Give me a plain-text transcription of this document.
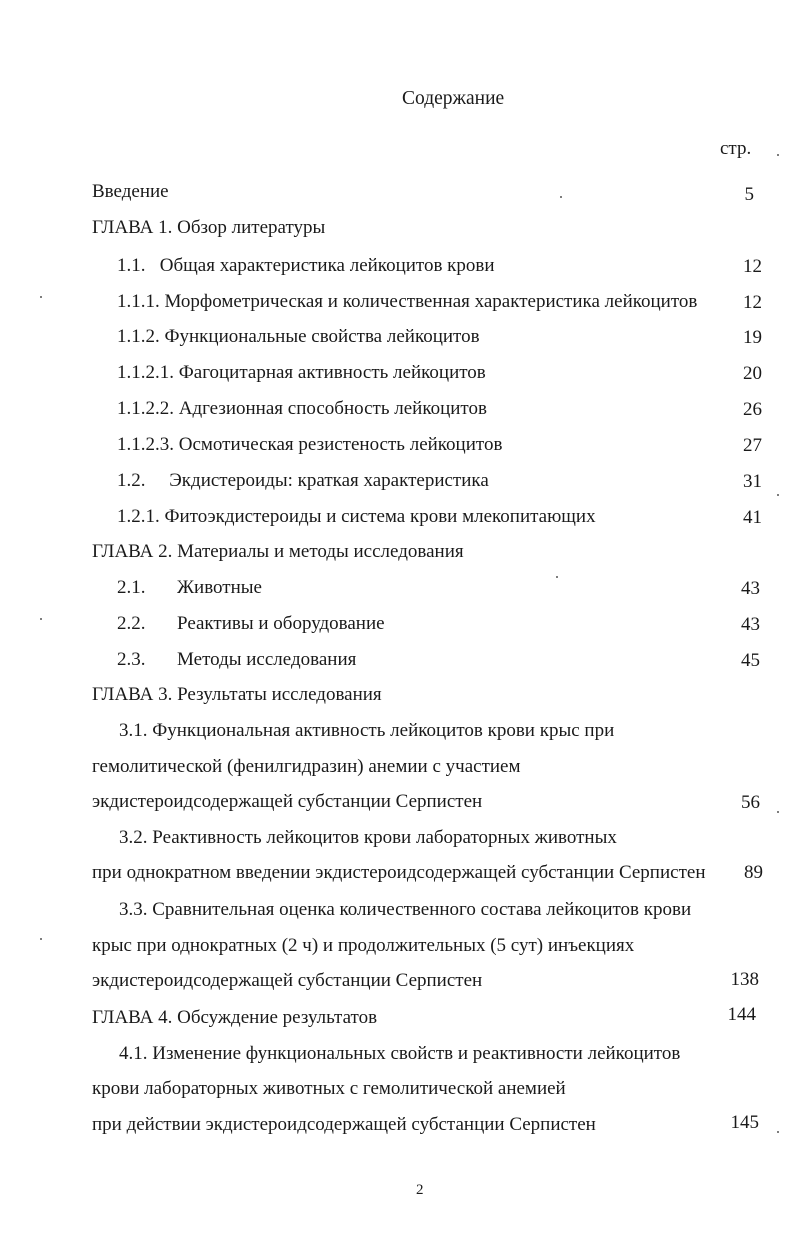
Содержание
стр.
Введение	5
ГЛАВА 1. Обзор литературы
1.1.   Общая характеристика лейкоцитов крови	12
1.1.1. Морфометрическая и количественная характеристика лейкоцитов	12
1.1.2. Функциональные свойства лейкоцитов	19
1.1.2.1. Фагоцитарная активность лейкоцитов	20
1.1.2.2. Адгезионная способность лейкоцитов	26
1.1.2.3. Осмотическая резистеность лейкоцитов	27
1.2.     Экдистероиды: краткая характеристика	31
1.2.1. Фитоэкдистероиды и система крови млекопитающих	41
ГЛАВА 2. Материалы и методы исследования
2.1. Животные	43
2.2. Реактивы и оборудование	43
2.3. Методы исследования	45
ГЛАВА 3. Результаты исследования
3.1. Функциональная активность лейкоцитов крови крыс при
гемолитической (фенилгидразин) анемии с участием
экдистероидсодержащей субстанции Серпистен	56
3.2. Реактивность лейкоцитов крови лабораторных животных
при однократном введении экдистероидсодержащей субстанции Серпистен	89
3.3. Сравнительная оценка количественного состава лейкоцитов крови
крыс при однократных (2 ч) и продолжительных (5 сут) инъекциях
экдистероидсодержащей субстанции Серпистен	138
ГЛАВА 4. Обсуждение результатов	144
4.1. Изменение функциональных свойств и реактивности лейкоцитов
крови лабораторных животных с гемолитической анемией
при действии экдистероидсодержащей субстанции Серпистен	145
2
